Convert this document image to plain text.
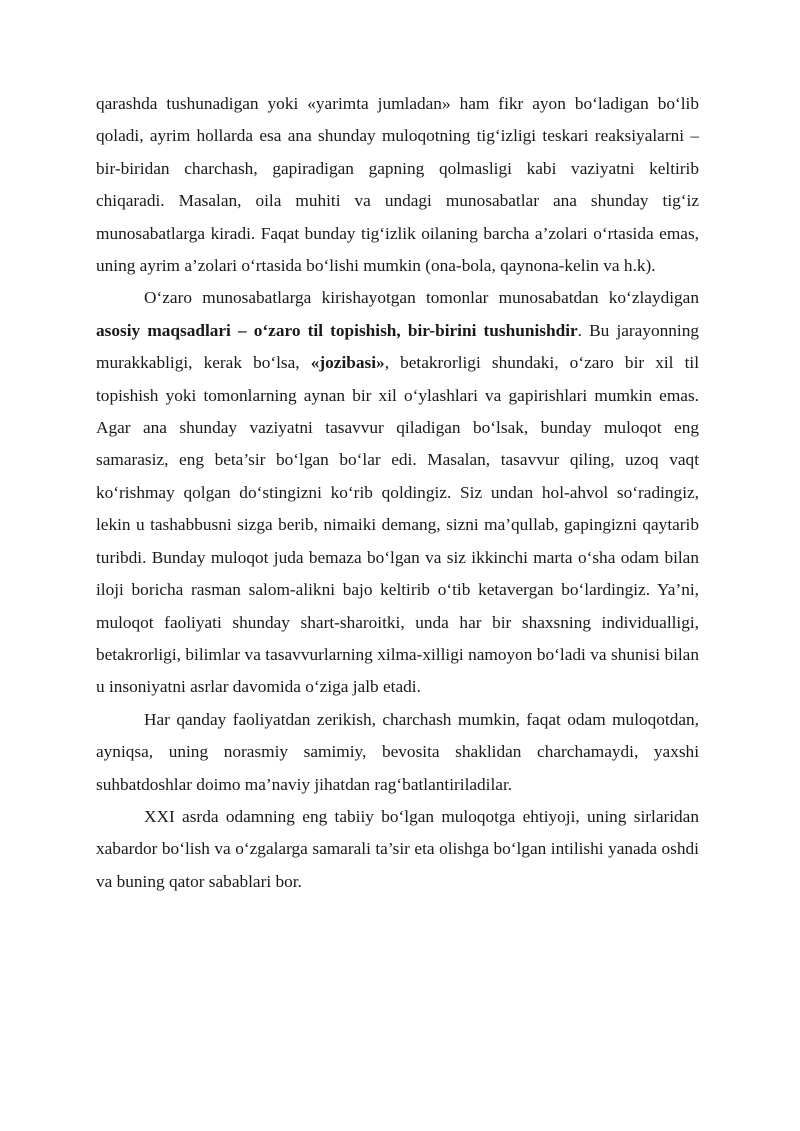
qarashda tushunadigan yoki «yarimta jumladan» ham fikr ayon bo‘ladigan bo‘lib qoladi, ayrim hollarda esa ana shunday muloqotning tig‘izligi teskari reaksiyalarni – bir-biridan charchash, gapiradigan gapning qolmasligi kabi vaziyatni keltirib chiqaradi. Masalan, oila muhiti va undagi munosabatlar ana shunday tig‘iz munosabatlarga kiradi. Faqat bunday tig‘izlik oilaning barcha a’zolari o‘rtasida emas, uning ayrim a’zolari o‘rtasida bo‘lishi mumkin (ona-bola, qaynona-kelin va h.k).

O‘zaro munosabatlarga kirishayotgan tomonlar munosabatdan ko‘zlaydigan asosiy maqsadlari – o‘zaro til topishish, bir-birini tushunishdir. Bu jarayonning murakkabligi, kerak bo‘lsa, «jozibasi», betakrorligi shundaki, o‘zaro bir xil til topishish yoki tomonlarning aynan bir xil o‘ylashlari va gapirishlari mumkin emas. Agar ana shunday vaziyatni tasavvur qiladigan bo‘lsak, bunday muloqot eng samarasiz, eng beta’sir bo‘lgan bo‘lar edi. Masalan, tasavvur qiling, uzoq vaqt ko‘rishmay qolgan do‘stingizni ko‘rib qoldingiz. Siz undan hol-ahvol so‘radingiz, lekin u tashabbusni sizga berib, nimaiki demang, sizni ma’qullab, gapingizni qaytarib turibdi. Bunday muloqot juda bemaza bo‘lgan va siz ikkinchi marta o‘sha odam bilan iloji boricha rasman salom-alikni bajo keltirib o‘tib ketavergan bo‘lardingiz. Ya’ni, muloqot faoliyati shunday shart-sharoitki, unda har bir shaxsning individualligi, betakrorligi, bilimlar va tasavvurlarning xilma-xilligi namoyon bo‘ladi va shunisi bilan u insoniyatni asrlar davomida o‘ziga jalb etadi.

Har qanday faoliyatdan zerikish, charchash mumkin, faqat odam muloqotdan, ayniqsa, uning norasmiy samimiy, bevosita shaklidan charchamaydi, yaxshi suhbatdoshlar doimo ma’naviy jihatdan rag‘batlantiriladilar.

XXI asrda odamning eng tabiiy bo‘lgan muloqotga ehtiyoji, uning sirlaridan xabardor bo‘lish va o‘zgalarga samarali ta’sir eta olishga bo‘lgan intilishi yanada oshdi va buning qator sabablari bor.
